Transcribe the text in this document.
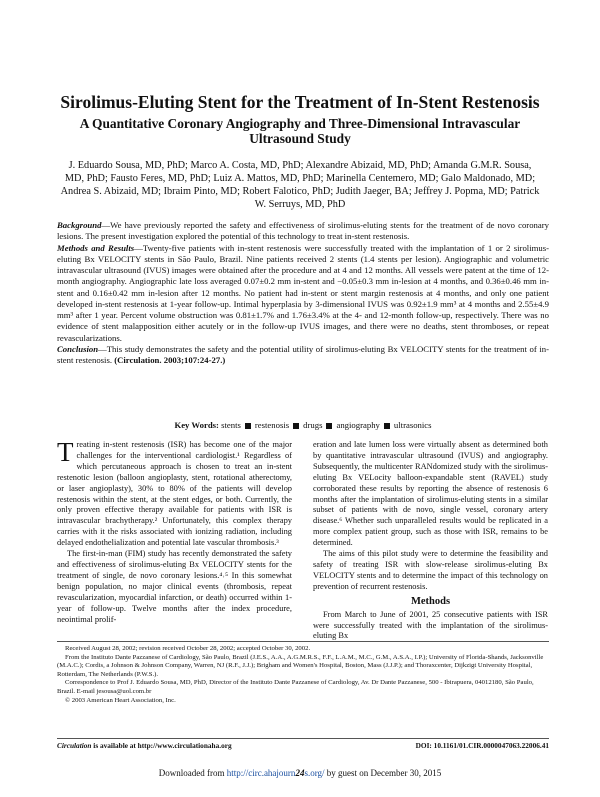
Sirolimus-Eluting Stent for the Treatment of In-Stent Restenosis
A Quantitative Coronary Angiography and Three-Dimensional Intravascular Ultrasound Study
J. Eduardo Sousa, MD, PhD; Marco A. Costa, MD, PhD; Alexandre Abizaid, MD, PhD; Amanda G.M.R. Sousa, MD, PhD; Fausto Feres, MD, PhD; Luiz A. Mattos, MD, PhD; Marinella Centemero, MD; Galo Maldonado, MD; Andrea S. Abizaid, MD; Ibraim Pinto, MD; Robert Falotico, PhD; Judith Jaeger, BA; Jeffrey J. Popma, MD; Patrick W. Serruys, MD, PhD

Background—We have previously reported the safety and effectiveness of sirolimus-eluting stents for the treatment of de novo coronary lesions. The present investigation explored the potential of this technology to treat in-stent restenosis.

Methods and Results—Twenty-five patients with in-stent restenosis were successfully treated with the implantation of 1 or 2 sirolimus-eluting Bx VELOCITY stents in São Paulo, Brazil. Nine patients received 2 stents (1.4 stents per lesion). Angiographic and volumetric intravascular ultrasound (IVUS) images were obtained after the procedure and at 4 and 12 months. All vessels were patent at the time of 12-month angiography. Angiographic late loss averaged 0.07±0.2 mm in-stent and −0.05±0.3 mm in-lesion at 4 months, and 0.36±0.46 mm in-stent and 0.16±0.42 mm in-lesion after 12 months. No patient had in-stent or stent margin restenosis at 4 months, and only one patient developed in-stent restenosis at 1-year follow-up. Intimal hyperplasia by 3-dimensional IVUS was 0.92±1.9 mm³ at 4 months and 2.55±4.9 mm³ after 1 year. Percent volume obstruction was 0.81±1.7% and 1.76±3.4% at the 4- and 12-month follow-up, respectively. There was no evidence of stent malapposition either acutely or in the follow-up IVUS images, and there were no deaths, stent thromboses, or repeat revascularizations.

Conclusion—This study demonstrates the safety and the potential utility of sirolimus-eluting Bx VELOCITY stents for the treatment of in-stent restenosis. (Circulation. 2003;107:24-27.)

Key Words: stents restenosis drugs angiography ultrasonics

Treating in-stent restenosis (ISR) has become one of the major challenges for the interventional cardiologist.¹ Regardless of which percutaneous approach is chosen to treat an in-stent restenotic lesion (balloon angioplasty, stent, rotational atherectomy, or laser angioplasty), 30% to 80% of the patients will develop restenosis within the stent, at the stent edges, or both. Currently, the only proven effective therapy available for patients with ISR is intravascular brachytherapy.² Unfortunately, this complex therapy carries with it the risks associated with ionizing radiation, including delayed endothelialization and potential late vascular thrombosis.³

The first-in-man (FIM) study has recently demonstrated the safety and effectiveness of sirolimus-eluting Bx VELOCITY stents for the treatment of single, de novo coronary lesions.⁴˒⁵ In this somewhat benign population, no major clinical events (thrombosis, repeat revascularization, myocardial infarction, or death) occurred within 1-year of follow-up. Twelve months after the index procedure, neointimal prolif-

eration and late lumen loss were virtually absent as determined both by quantitative intravascular ultrasound (IVUS) and angiography. Subsequently, the multicenter RANdomized study with the sirolimus-eluting Bx VELocity balloon-expandable stent (RAVEL) study corroborated these results by reporting the absence of restenosis 6 months after the implantation of sirolimus-eluting stents in a similar subset of patients with de novo, single vessel, coronary artery disease.⁶ Whether such unparalleled results would be replicated in a more complex patient group, such as those with ISR, remains to be determined.

The aims of this pilot study were to determine the feasibility and safety of treating ISR with slow-release sirolimus-eluting Bx VELOCITY stents and to determine the impact of this technology on prevention of recurrent restenosis.

Methods

From March to June of 2001, 25 consecutive patients with ISR were successfully treated with the implantation of the sirolimus-eluting Bx

Received August 28, 2002; revision received October 28, 2002; accepted October 30, 2002.

From the Instituto Dante Pazzanese of Cardiology, São Paulo, Brazil (J.E.S., A.A., A.G.M.R.S., F.F., L.A.M., M.C., G.M., A.S.A., I.P.); University of Florida-Shands, Jacksonville (M.A.C.); Cordis, a Johnson & Johnson Company, Warren, NJ (R.F., J.J.); Brigham and Women's Hospital, Boston, Mass (J.J.P.); and Thoraxcenter, Dijkzigt University Hospital, Rotterdam, The Netherlands (P.W.S.).

Correspondence to Prof J. Eduardo Sousa, MD, PhD, Director of the Instituto Dante Pazzanese of Cardiology, Av. Dr Dante Pazzanese, 500 - Ibirapuera, 04012180, São Paulo, Brazil. E-mail jesousa@uol.com.br

© 2003 American Heart Association, Inc.

Circulation is available at http://www.circulationaha.org	DOI: 10.1161/01.CIR.0000047063.22006.41
Downloaded from http://circ.ahajourn24s.org/ by guest on December 30, 2015
